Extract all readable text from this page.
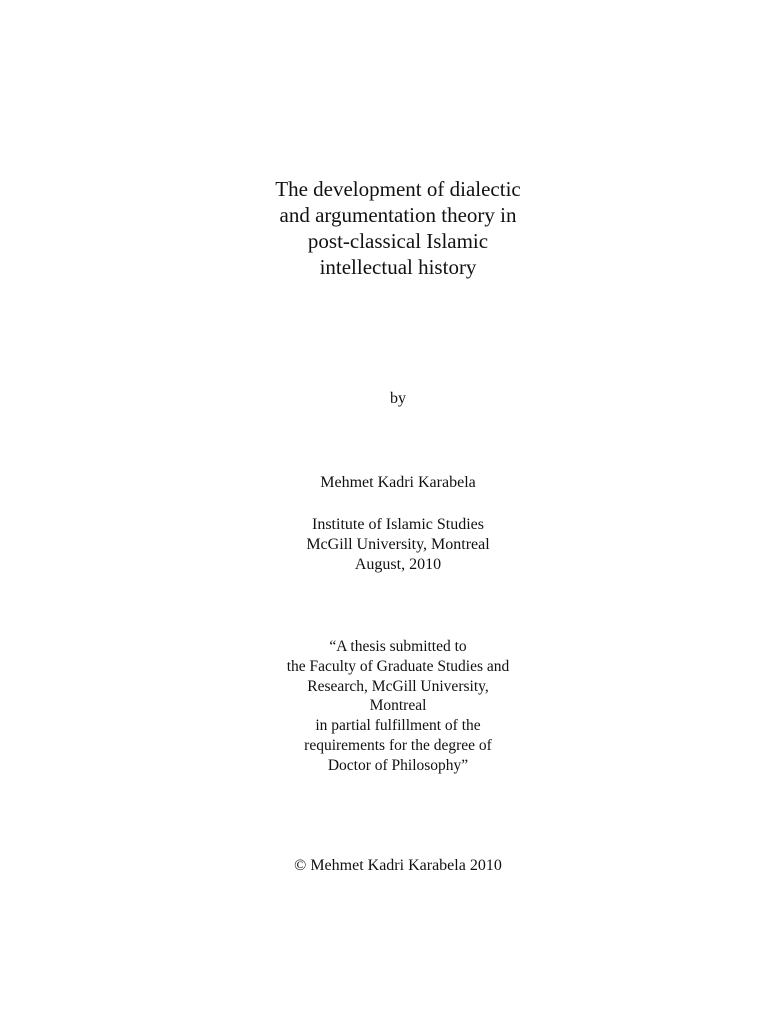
The development of dialectic
and argumentation theory in
post-classical Islamic
intellectual history

by

Mehmet Kadri Karabela

Institute of Islamic Studies
McGill University, Montreal
August, 2010
“A thesis submitted to
the Faculty of Graduate Studies and
Research, McGill University,
Montreal
in partial fulfillment of the
requirements for the degree of
Doctor of Philosophy”

© Mehmet Kadri Karabela 2010
